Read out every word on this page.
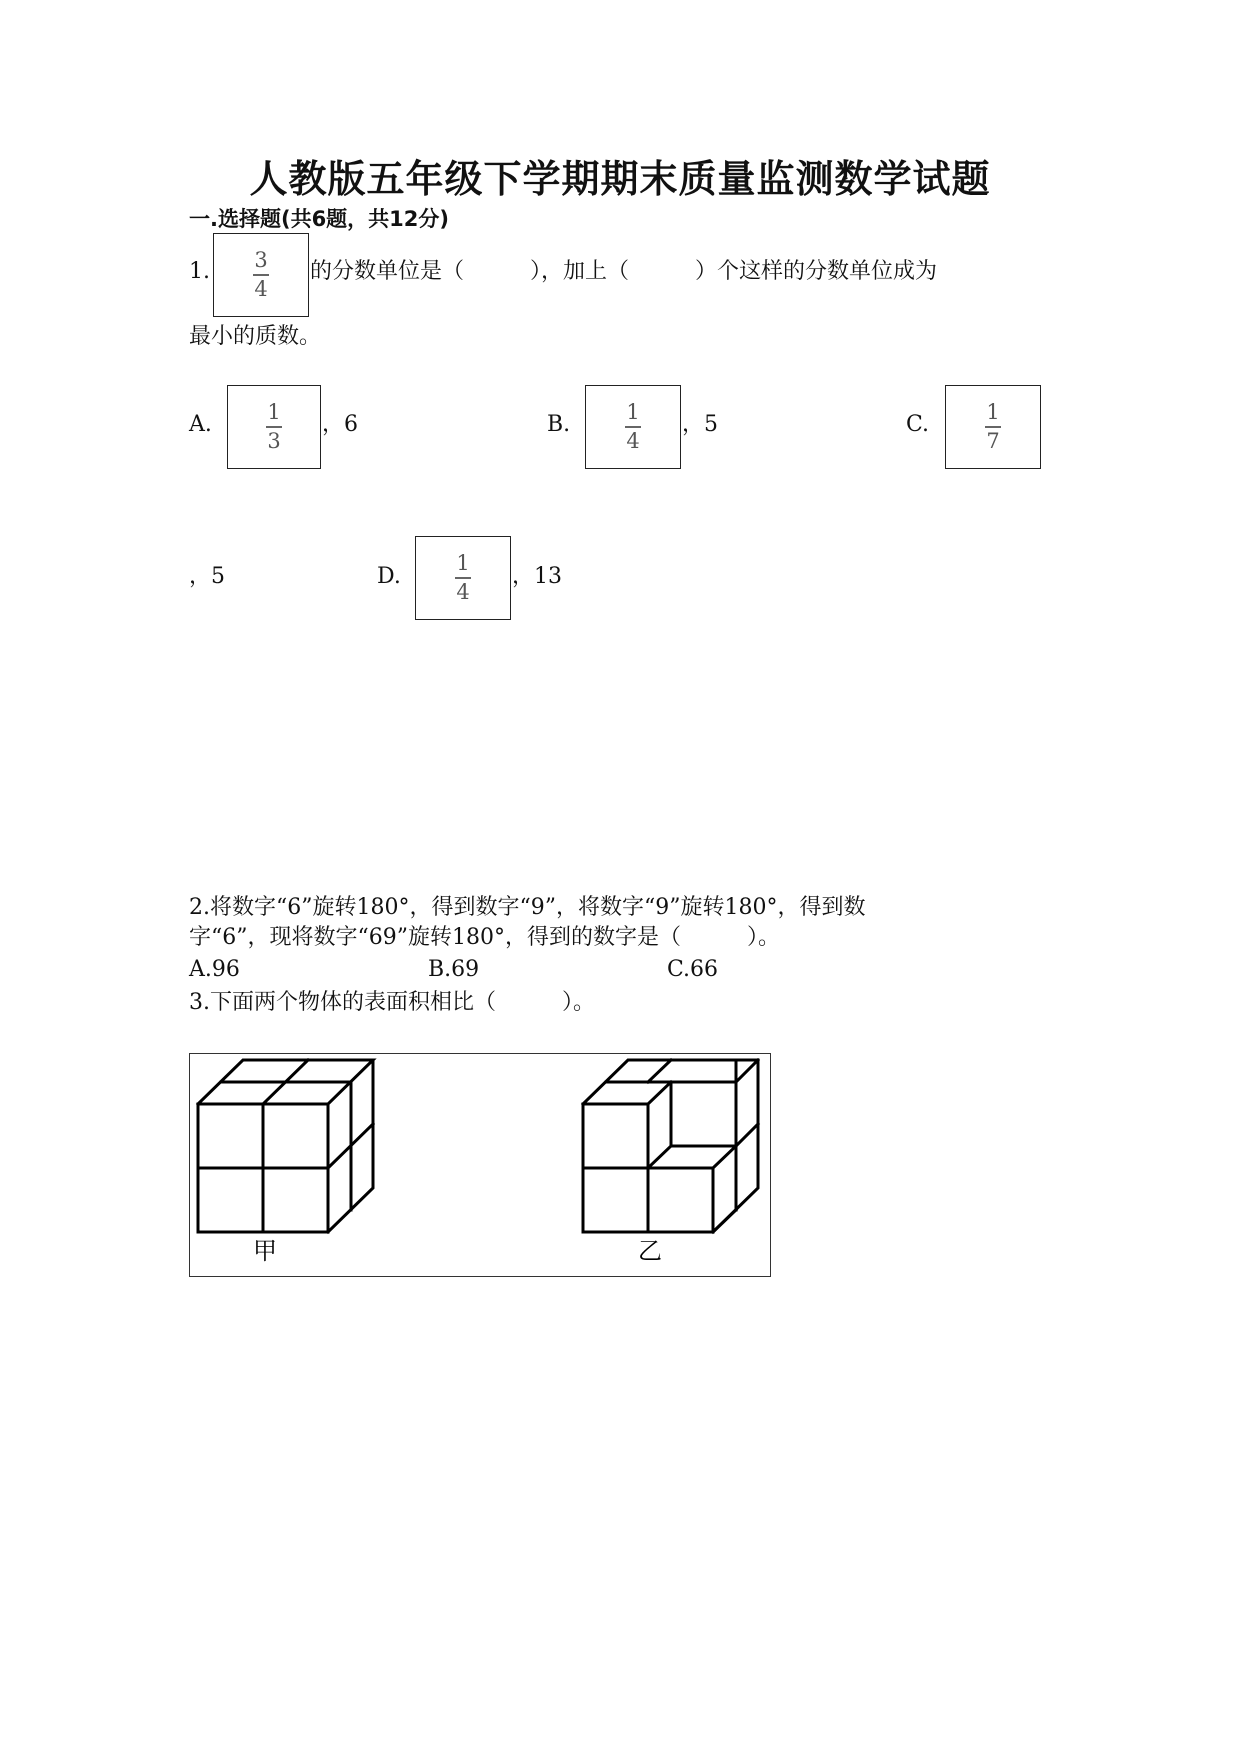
人教版五年级下学期期末质量监测数学试题
一.选择题(共6题，共12分)
1. $\frac{3}{4}$ 的分数单位是（　　　），加上（　　　）个这样的分数单位成为
最小的质数。
A.	$\frac{1}{3}$ ，6	B.	$\frac{1}{4}$ ，5	C.	$\frac{1}{7}$
，5	D.	$\frac{1}{4}$ ，13
2.将数字“6”旋转180°，得到数字“9”，将数字“9”旋转180°，得到数
字“6”，现将数字“69”旋转180°，得到的数字是（　　　）。
A.96	B.69	C.66
3.下面两个物体的表面积相比（　　　）。
甲	乙
